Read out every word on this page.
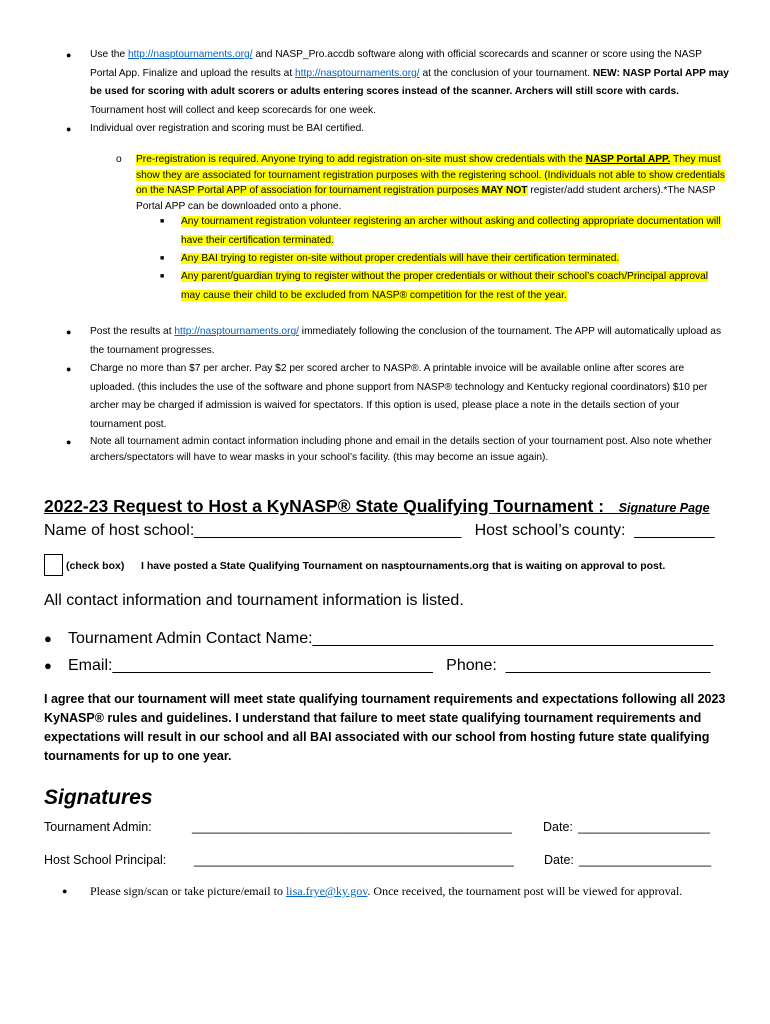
● Use the http://nasptournaments.org/ and NASP_Pro.accdb software along with official scorecards and scanner or score using the NASP Portal App. Finalize and upload the results at http://nasptournaments.org/ at the conclusion of your tournament. NEW: NASP Portal APP may be used for scoring with adult scorers or adults entering scores instead of the scanner. Archers will still score with cards. Tournament host will collect and keep scorecards for one week.
● Individual over registration and scoring must be BAI certified.
o Pre-registration is required. Anyone trying to add registration on-site must show credentials with the NASP Portal APP. They must show they are associated for tournament registration purposes with the registering school. (Individuals not able to show credentials on the NASP Portal APP of association for tournament registration purposes MAY NOT register/add student archers).*The NASP Portal APP can be downloaded onto a phone.
■ Any tournament registration volunteer registering an archer without asking and collecting appropriate documentation will have their certification terminated.
■ Any BAI trying to register on-site without proper credentials will have their certification terminated.
■ Any parent/guardian trying to register without the proper credentials or without their school’s coach/Principal approval may cause their child to be excluded from NASP® competition for the rest of the year.
● Post the results at http://nasptournaments.org/ immediately following the conclusion of the tournament. The APP will automatically upload as the tournament progresses.
● Charge no more than $7 per archer. Pay $2 per scored archer to NASP®. A printable invoice will be available online after scores are uploaded. (this includes the use of the software and phone support from NASP® technology and Kentucky regional coordinators) $10 per archer may be charged if admission is waived for spectators. If this option is used, please place a note in the details section of your tournament post.
● Note all tournament admin contact information including phone and email in the details section of your tournament post. Also note whether archers/spectators will have to wear masks in your school’s facility. (this may become an issue again).
2022-23 Request to Host a KyNASP® State Qualifying Tournament : Signature Page
Name of host school:______________________________ Host school’s county: _________
(check box) I have posted a State Qualifying Tournament on nasptournaments.org that is waiting on approval to post.
All contact information and tournament information is listed.
● Tournament Admin Contact Name:_____________________________________________
● Email:____________________________________ Phone: _______________________
I agree that our tournament will meet state qualifying tournament requirements and expectations following all 2023 KyNASP® rules and guidelines. I understand that failure to meet state qualifying tournament requirements and expectations will result in our school and all BAI associated with our school from hosting future state qualifying tournaments for up to one year.
Signatures
Tournament Admin:	______________________________________________ Date: ___________________
Host School Principal: ______________________________________________ Date: ___________________
● Please sign/scan or take picture/email to lisa.frye@ky.gov. Once received, the tournament post will be viewed for approval.
